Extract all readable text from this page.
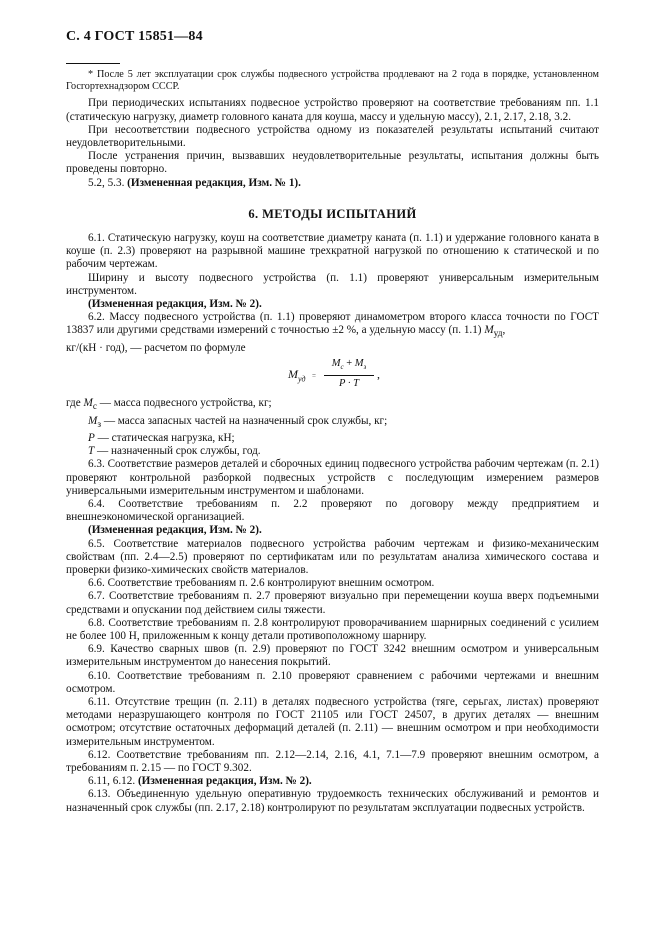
С. 4 ГОСТ 15851—84

* После 5 лет эксплуатации срок службы подвесного устройства продлевают на 2 года в порядке, установленном Госгортехнадзором СССР.

При периодических испытаниях подвесное устройство проверяют на соответствие требованиям пп. 1.1 (статическую нагрузку, диаметр головного каната для коуша, массу и удельную массу), 2.1, 2.17, 2.18, 3.2.

При несоответствии подвесного устройства одному из показателей результаты испытаний считают неудовлетворительными.

После устранения причин, вызвавших неудовлетворительные результаты, испытания должны быть проведены повторно.

5.2, 5.3. (Измененная редакция, Изм. № 1).

6. МЕТОДЫ ИСПЫТАНИЙ

6.1. Статическую нагрузку, коуш на соответствие диаметру каната (п. 1.1) и удержание головного каната в коуше (п. 2.3) проверяют на разрывной машине трехкратной нагрузкой по отношению к статической и по рабочим чертежам.

Ширину и высоту подвесного устройства (п. 1.1) проверяют универсальным измерительным инструментом.

(Измененная редакция, Изм. № 2).

6.2. Массу подвесного устройства (п. 1.1) проверяют динамометром второго класса точности по ГОСТ 13837 или другими средствами измерений с точностью ±2 %, а удельную массу (п. 1.1) $M_{уд}$,
кг/(кН · год), — расчетом по формуле

$M_{уд}$ =
$M_c + M_з$
P · T
,

где $M_c$ — масса подвесного устройства, кг;

$M_з$ — масса запасных частей на назначенный срок службы, кг;

P — статическая нагрузка, кН;

T — назначенный срок службы, год.

6.3. Соответствие размеров деталей и сборочных единиц подвесного устройства рабочим чертежам (п. 2.1) проверяют контрольной разборкой подвесных устройств с последующим измерением размеров универсальными измерительным инструментом и шаблонами.

6.4. Соответствие требованиям п. 2.2 проверяют по договору между предприятием и внешнеэкономической организацией.

(Измененная редакция, Изм. № 2).

6.5. Соответствие материалов подвесного устройства рабочим чертежам и физико-механическим свойствам (пп. 2.4—2.5) проверяют по сертификатам или по результатам анализа химического состава и проверки физико-химических свойств материалов.

6.6. Соответствие требованиям п. 2.6 контролируют внешним осмотром.

6.7. Соответствие требованиям п. 2.7 проверяют визуально при перемещении коуша вверх подъемными средствами и опускании под действием силы тяжести.

6.8. Соответствие требованиям п. 2.8 контролируют проворачиванием шарнирных соединений с усилием не более 100 Н, приложенным к концу детали противоположному шарниру.

6.9. Качество сварных швов (п. 2.9) проверяют по ГОСТ 3242 внешним осмотром и универсальным измерительным инструментом до нанесения покрытий.

6.10. Соответствие требованиям п. 2.10 проверяют сравнением с рабочими чертежами и внешним осмотром.

6.11. Отсутствие трещин (п. 2.11) в деталях подвесного устройства (тяге, серьгах, листах) проверяют методами неразрушающего контроля по ГОСТ 21105 или ГОСТ 24507, в других деталях — внешним осмотром; отсутствие остаточных деформаций деталей (п. 2.11) — внешним осмотром и при необходимости измерительным инструментом.

6.12. Соответствие требованиям пп. 2.12—2.14, 2.16, 4.1, 7.1—7.9 проверяют внешним осмотром, а требованиям п. 2.15 — по ГОСТ 9.302.

6.11, 6.12. (Измененная редакция, Изм. № 2).

6.13. Объединенную удельную оперативную трудоемкость технических обслуживаний и ремонтов и назначенный срок службы (пп. 2.17, 2.18) контролируют по результатам эксплуатации подвесных устройств.
